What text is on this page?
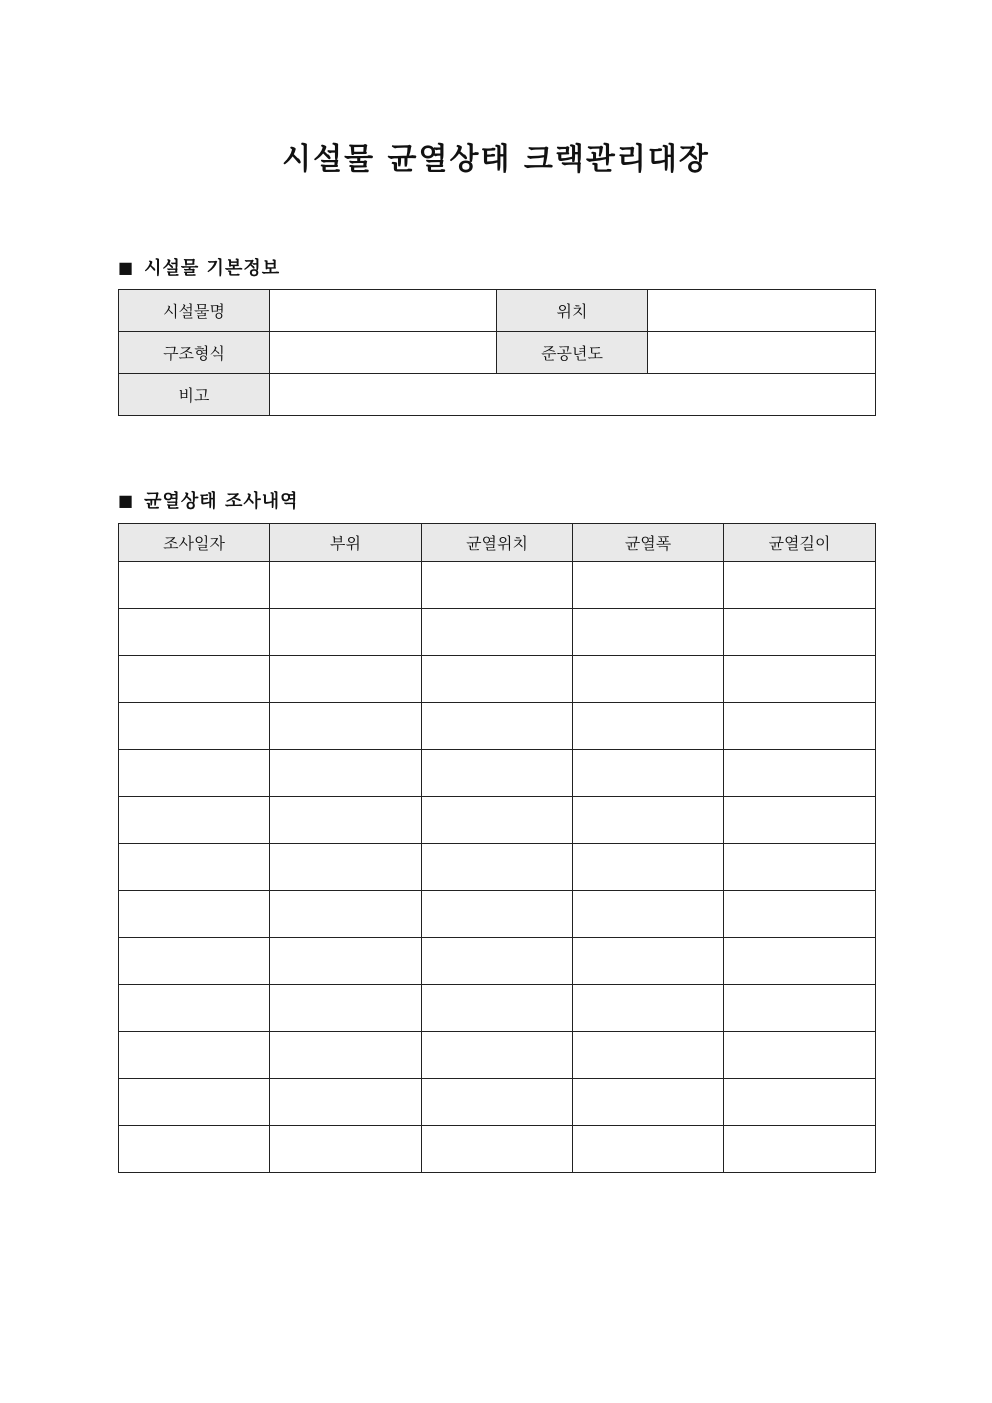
시설물 균열상태 크랙관리대장
■ 시설물 기본정보
시설물명		위치	
구조형식		준공년도	
비고			
■ 균열상태 조사내역
조사일자	부위	균열위치	균열폭	균열길이
